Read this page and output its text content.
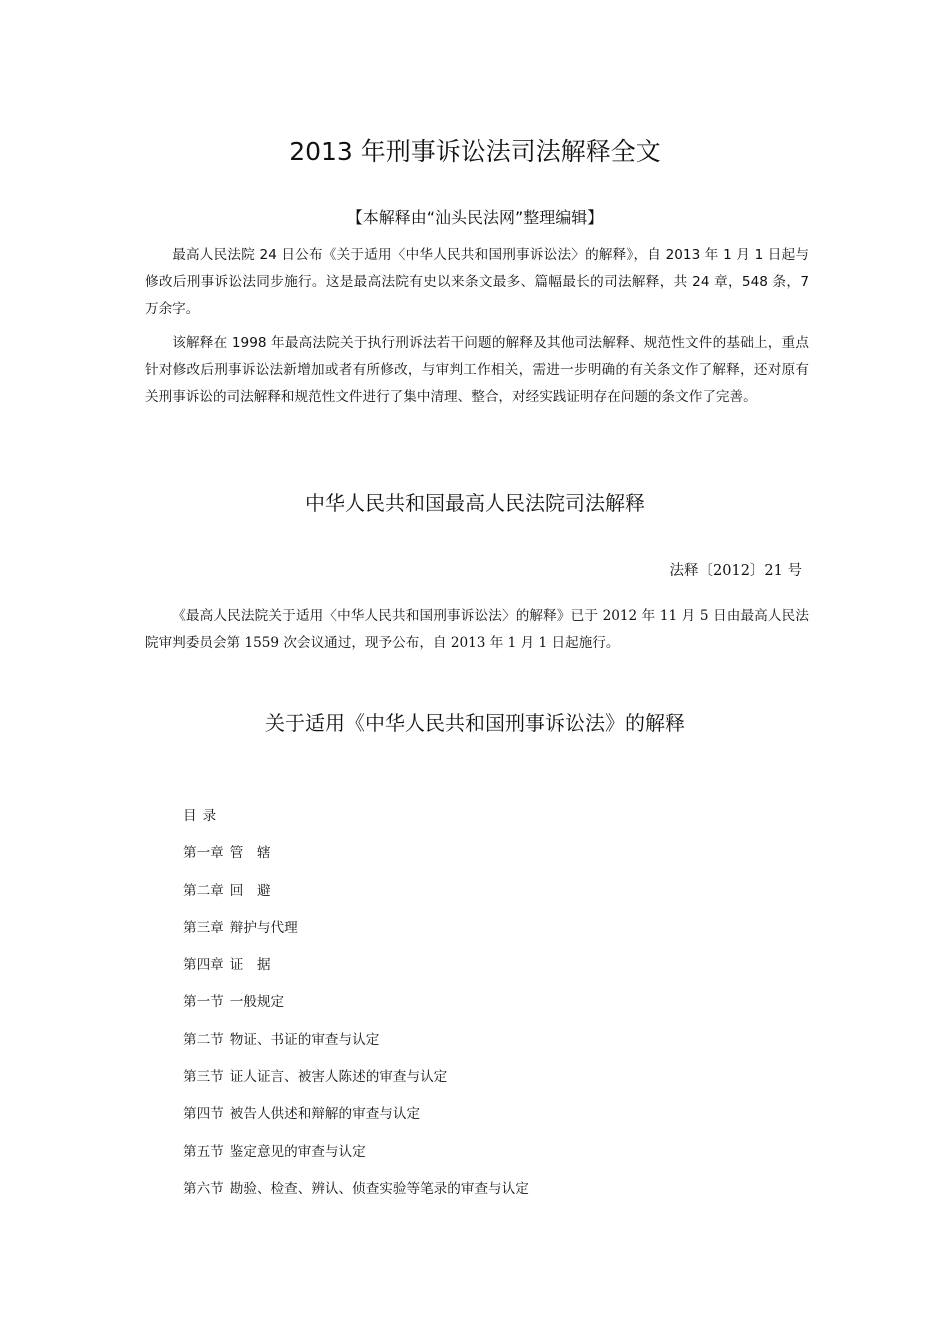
2013 年刑事诉讼法司法解释全文
【本解释由“汕头民法网”整理编辑】

最高人民法院 24 日公布《关于适用〈中华人民共和国刑事诉讼法〉的解释》，自 2013 年 1 月 1 日起与修改后刑事诉讼法同步施行。这是最高法院有史以来条文最多、篇幅最长的司法解释，共 24 章，548 条，7 万余字。

该解释在 1998 年最高法院关于执行刑诉法若干问题的解释及其他司法解释、规范性文件的基础上，重点针对修改后刑事诉讼法新增加或者有所修改，与审判工作相关，需进一步明确的有关条文作了解释，还对原有关刑事诉讼的司法解释和规范性文件进行了集中清理、整合，对经实践证明存在问题的条文作了完善。

中华人民共和国最高人民法院司法解释
法释〔2012〕21 号

《最高人民法院关于适用〈中华人民共和国刑事诉讼法〉的解释》已于 2012 年 11 月 5 日由最高人民法院审判委员会第 1559 次会议通过，现予公布，自 2013 年 1 月 1 日起施行。

关于适用《中华人民共和国刑事诉讼法》的解释
目 录
第一章 管　辖
第二章 回　避
第三章 辩护与代理
第四章 证　据
第一节 一般规定
第二节 物证、书证的审查与认定
第三节 证人证言、被害人陈述的审查与认定
第四节 被告人供述和辩解的审查与认定
第五节 鉴定意见的审查与认定
第六节 勘验、检查、辨认、侦查实验等笔录的审查与认定
